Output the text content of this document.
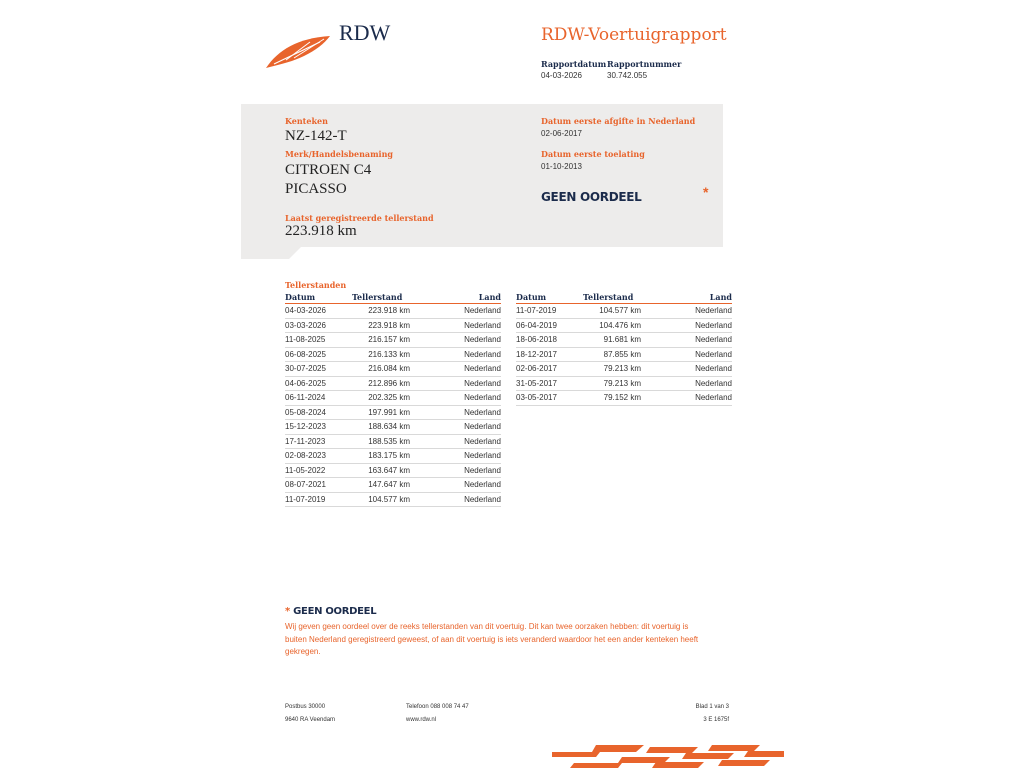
RDW	RDW-Voertuigrapport
Rapportdatum
04-03-2026
Rapportnummer
30.742.055
Kenteken
NZ-142-T
Merk/Handelsbenaming
CITROEN C4
PICASSO
Laatst geregistreerde tellerstand
223.918 km
Datum eerste afgifte in Nederland
02-06-2017
Datum eerste toelating
01-10-2013
GEEN OORDEEL	*
Tellerstanden
Datum	Tellerstand	Land
04-03-2026	223.918 km	Nederland
03-03-2026	223.918 km	Nederland
11-08-2025	216.157 km	Nederland
06-08-2025	216.133 km	Nederland
30-07-2025	216.084 km	Nederland
04-06-2025	212.896 km	Nederland
06-11-2024	202.325 km	Nederland
05-08-2024	197.991 km	Nederland
15-12-2023	188.634 km	Nederland
17-11-2023	188.535 km	Nederland
02-08-2023	183.175 km	Nederland
11-05-2022	163.647 km	Nederland
08-07-2021	147.647 km	Nederland
11-07-2019	104.577 km	Nederland
Datum	Tellerstand	Land
11-07-2019	104.577 km	Nederland
06-04-2019	104.476 km	Nederland
18-06-2018	91.681 km	Nederland
18-12-2017	87.855 km	Nederland
02-06-2017	79.213 km	Nederland
31-05-2017	79.213 km	Nederland
03-05-2017	79.152 km	Nederland
* GEEN OORDEEL
Wij geven geen oordeel over de reeks tellerstanden van dit voertuig. Dit kan twee oorzaken hebben: dit voertuig is buiten Nederland geregistreerd geweest, of aan dit voertuig is iets veranderd waardoor het een ander kenteken heeft gekregen.
Postbus 30000
9640 RA Veendam
Telefoon 088 008 74 47
www.rdw.nl
Blad 1 van 3
3 E 1675f
